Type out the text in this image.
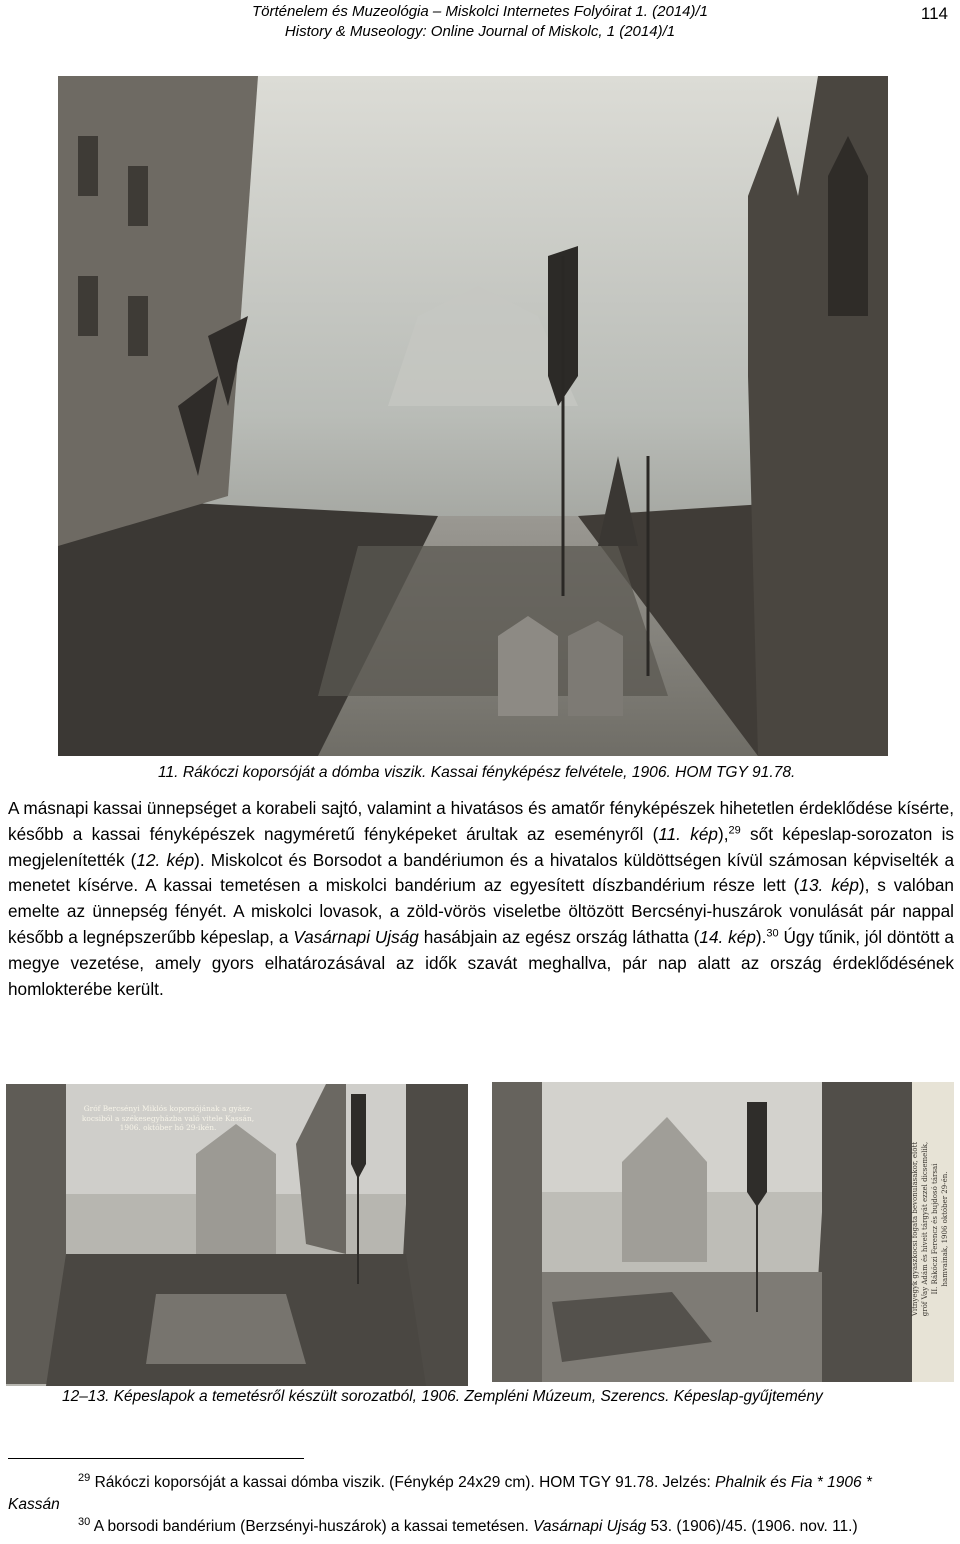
Történelem és Muzeológia – Miskolci Internetes Folyóirat 1. (2014)/1
History & Museology: Online Journal of Miskolc, 1 (2014)/1
114
11. Rákóczi koporsóját a dómba viszik. Kassai fényképész felvétele, 1906. HOM TGY 91.78.
A másnapi kassai ünnepséget a korabeli sajtó, valamint a hivatásos és amatőr fényképészek hihetetlen érdeklődése kísérte, később a kassai fényképészek nagyméretű fényképeket árultak az eseményről (11. kép),$^{29}$ sőt képeslap-sorozaton is megjelenítették (12. kép). Miskolcot és Borsodot a bandériumon és a hivatalos küldöttségen kívül számosan képviselték a menetet kísérve. A kassai temetésen a miskolci bandérium az egyesített díszbandérium része lett (13. kép), s valóban emelte az ünnepség fényét. A miskolci lovasok, a zöld-vörös viseletbe öltözött Bercsényi-huszárok vonulását pár nappal később a legnépszerűbb képeslap, a Vasárnapi Ujság hasábjain az egész ország láthatta (14. kép).$^{30}$ Úgy tűnik, jól döntött a megye vezetése, amely gyors elhatározásával az idők szavát meghallva, pár nap alatt az ország érdeklődésének homlokterébe került.
Gróf Bercsényi Miklós koporsójának a gyász-
kocsiból a székesegyházba való vitele Kassán,
1906. október hó 29-ikén.
Vitnyegyk gyászkocsi fogata bevonulásakor, előtt gróf Vay Adám és hiveit tárgyát ezzel dicsemelik, II. Rákóczi Ferencz és bujdosó társai hamvainak, 1906 október 29-én.
12–13. Képeslapok a temetésről készült sorozatból, 1906. Zempléni Múzeum, Szerencs. Képeslap-gyűjtemény
$^{29}$ Rákóczi koporsóját a kassai dómba viszik. (Fénykép 24x29 cm). HOM TGY 91.78. Jelzés: Phalnik és Fia * 1906 *
Kassán
$^{30}$ A borsodi bandérium (Berzsényi-huszárok) a kassai temetésen. Vasárnapi Ujság 53. (1906)/45. (1906. nov. 11.)
